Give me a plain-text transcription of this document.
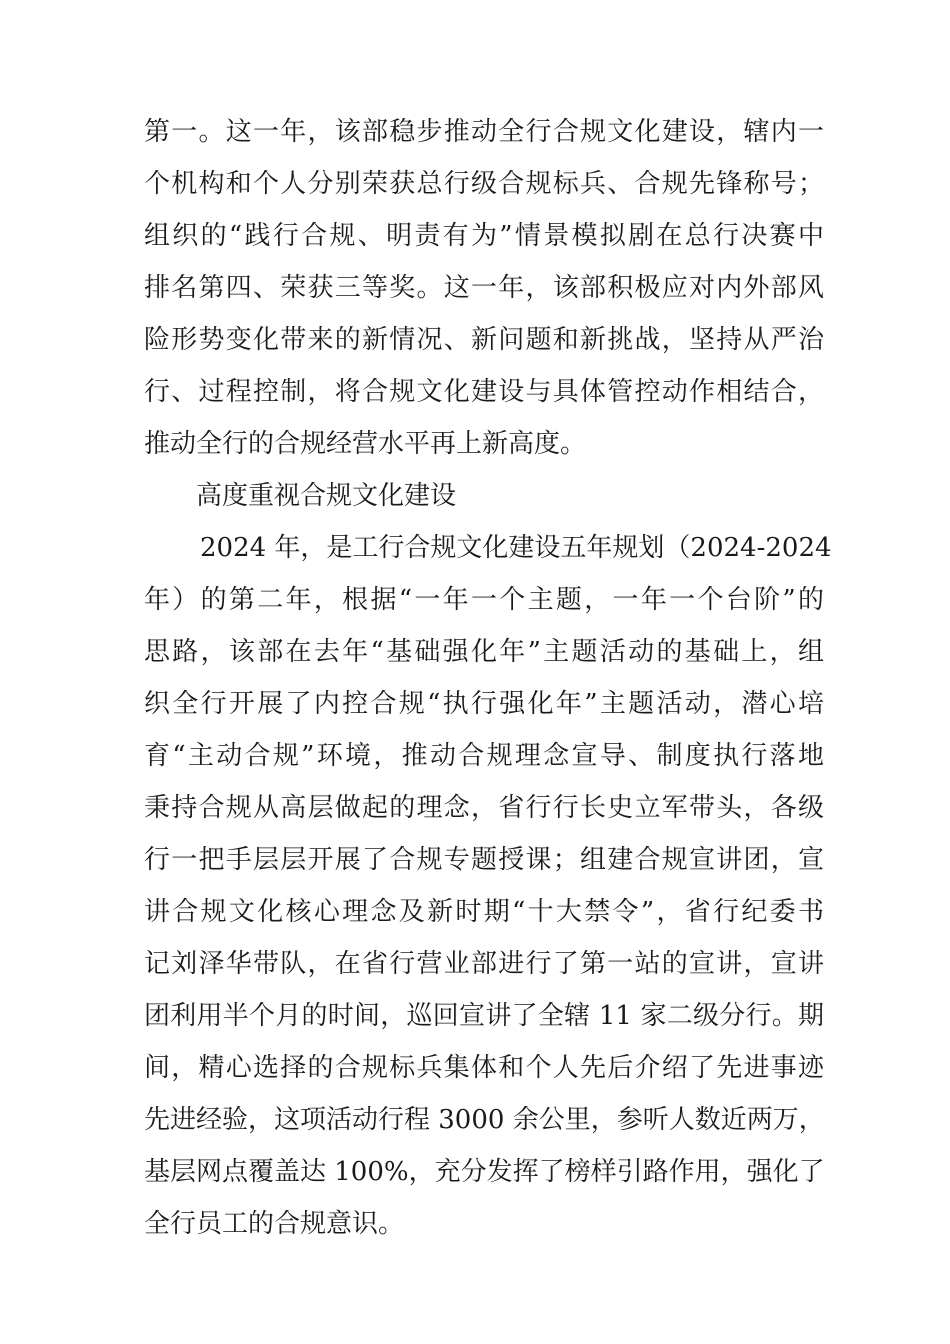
第一。这一年，该部稳步推动全行合规文化建设，辖内一
个机构和个人分别荣获总行级合规标兵、合规先锋称号；
组织的“践行合规、明责有为”情景模拟剧在总行决赛中
排名第四、荣获三等奖。这一年，该部积极应对内外部风
险形势变化带来的新情况、新问题和新挑战，坚持从严治
行、过程控制，将合规文化建设与具体管控动作相结合，
推动全行的合规经营水平再上新高度。
高度重视合规文化建设
2024 年，是工行合规文化建设五年规划（2024-2024
年）的第二年，根据“一年一个主题，一年一个台阶”的
思路，该部在去年“基础强化年”主题活动的基础上，组
织全行开展了内控合规“执行强化年”主题活动，潜心培
育“主动合规”环境，推动合规理念宣导、制度执行落地
秉持合规从高层做起的理念，省行行长史立军带头，各级
行一把手层层开展了合规专题授课；组建合规宣讲团，宣
讲合规文化核心理念及新时期“十大禁令”，省行纪委书
记刘泽华带队，在省行营业部进行了第一站的宣讲，宣讲
团利用半个月的时间，巡回宣讲了全辖 11 家二级分行。期
间，精心选择的合规标兵集体和个人先后介绍了先进事迹
先进经验，这项活动行程 3000 余公里，参听人数近两万，
基层网点覆盖达 100%，充分发挥了榜样引路作用，强化了
全行员工的合规意识。
